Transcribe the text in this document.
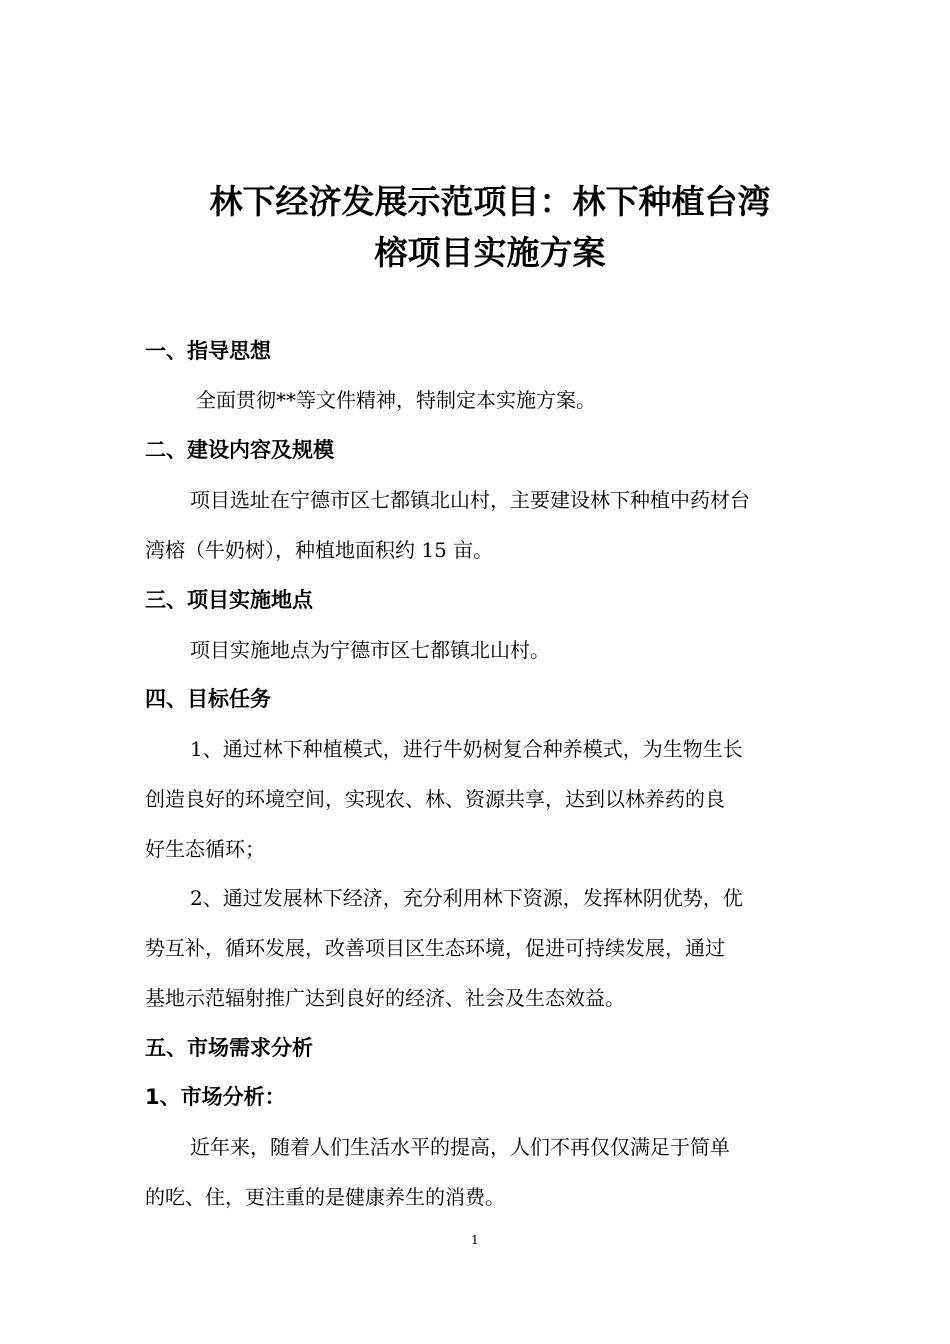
林下经济发展示范项目：林下种植台湾
榕项目实施方案
一、指导思想
全面贯彻**等文件精神，特制定本实施方案。
二、建设内容及规模
项目选址在宁德市区七都镇北山村，主要建设林下种植中药材台
湾榕（牛奶树），种植地面积约 15 亩。
三、项目实施地点
项目实施地点为宁德市区七都镇北山村。
四、目标任务
1、通过林下种植模式，进行牛奶树复合种养模式，为生物生长
创造良好的环境空间，实现农、林、资源共享，达到以林养药的良
好生态循环；
2、通过发展林下经济，充分利用林下资源，发挥林阴优势，优
势互补，循环发展，改善项目区生态环境，促进可持续发展，通过
基地示范辐射推广达到良好的经济、社会及生态效益。
五、市场需求分析
1、市场分析：
近年来，随着人们生活水平的提高，人们不再仅仅满足于简单
的吃、住，更注重的是健康养生的消费。
1
